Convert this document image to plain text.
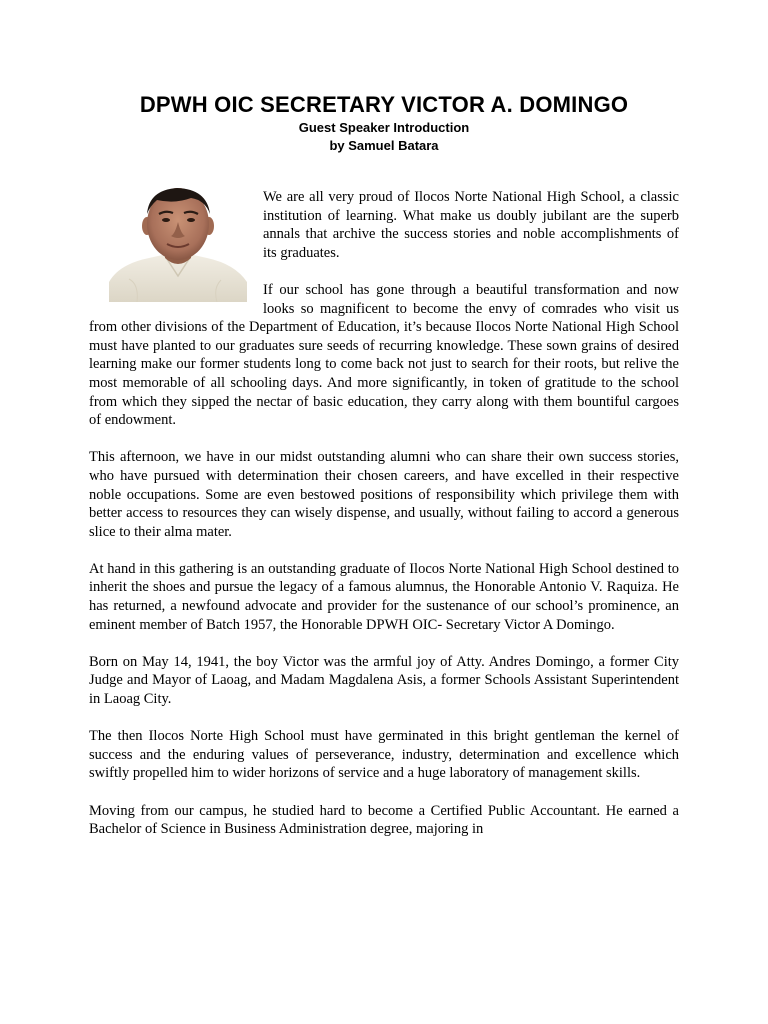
DPWH OIC SECRETARY VICTOR A. DOMINGO
Guest Speaker Introduction
by Samuel Batara

We are all very proud of Ilocos Norte National High School, a classic institution of learning. What make us doubly jubilant are the superb annals that archive the success stories and noble accomplishments of its graduates.

If our school has gone through a beautiful transformation and now looks so magnificent to become the envy of comrades who visit us from other divisions of the Department of Education, it’s because Ilocos Norte National High School must have planted to our graduates sure seeds of recurring knowledge. These sown grains of desired learning make our former students long to come back not just to search for their roots, but relive the most memorable of all schooling days. And more significantly, in token of gratitude to the school from which they sipped the nectar of basic education, they carry along with them bountiful cargoes of endowment.

This afternoon, we have in our midst outstanding alumni who can share their own success stories, who have pursued with determination their chosen careers, and have excelled in their respective noble occupations. Some are even bestowed positions of responsibility which privilege them with better access to resources they can wisely dispense, and usually, without failing to accord a generous slice to their alma mater.

At hand in this gathering is an outstanding graduate of Ilocos Norte National High School destined to inherit the shoes and pursue the legacy of a famous alumnus, the Honorable Antonio V. Raquiza. He has returned, a newfound advocate and provider for the sustenance of our school’s prominence, an eminent member of Batch 1957, the Honorable DPWH OIC- Secretary Victor A Domingo.

Born on May 14, 1941, the boy Victor was the armful joy of Atty. Andres Domingo, a former City Judge and Mayor of Laoag, and Madam Magdalena Asis, a former Schools Assistant Superintendent in Laoag City.

The then Ilocos Norte High School must have germinated in this bright gentleman the kernel of success and the enduring values of perseverance, industry, determination and excellence which swiftly propelled him to wider horizons of service and a huge laboratory of management skills.

Moving from our campus, he studied hard to become a Certified Public Accountant. He earned a Bachelor of Science in Business Administration degree, majoring in
